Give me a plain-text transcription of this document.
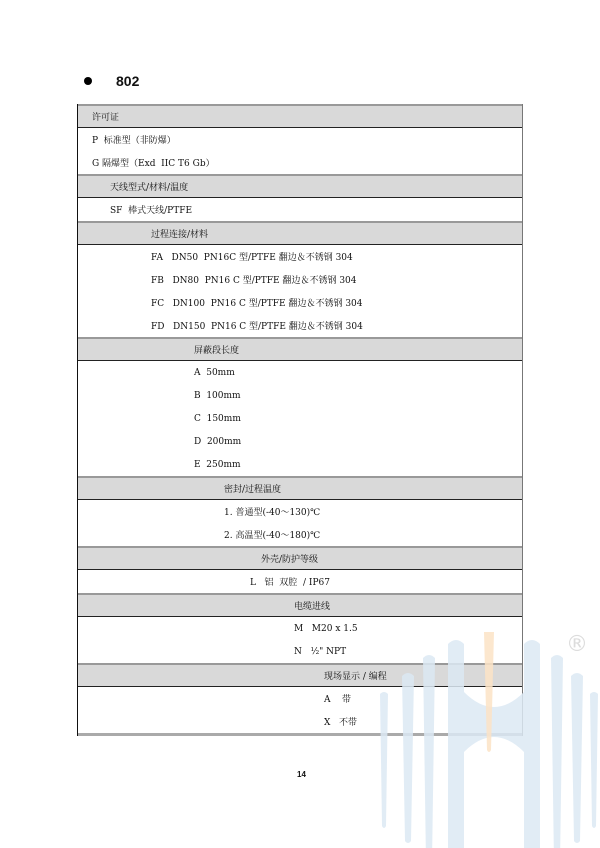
802
许可证
P  标准型（非防爆）
G 隔爆型（Exd  IIC T6 Gb）
天线型式/材料/温度
SF  棒式天线/PTFE
过程连接/材料
FA   DN50  PN16C 型/PTFE 翻边＆不锈钢 304
FB   DN80  PN16 C 型/PTFE 翻边＆不锈钢 304
FC   DN100  PN16 C 型/PTFE 翻边＆不锈钢 304
FD   DN150  PN16 C 型/PTFE 翻边＆不锈钢 304
屏蔽段长度
A  50mm
B  100mm
C  150mm
D  200mm
E  250mm
密封/过程温度
1. 普通型(-40～130)℃
2. 高温型(-40～180)℃
外壳/防护等级
L   铝  双腔  / IP67
电缆进线
M   M20 x 1.5
N   ½" NPT
现场显示 / 编程
A    带
X   不带
®
14
